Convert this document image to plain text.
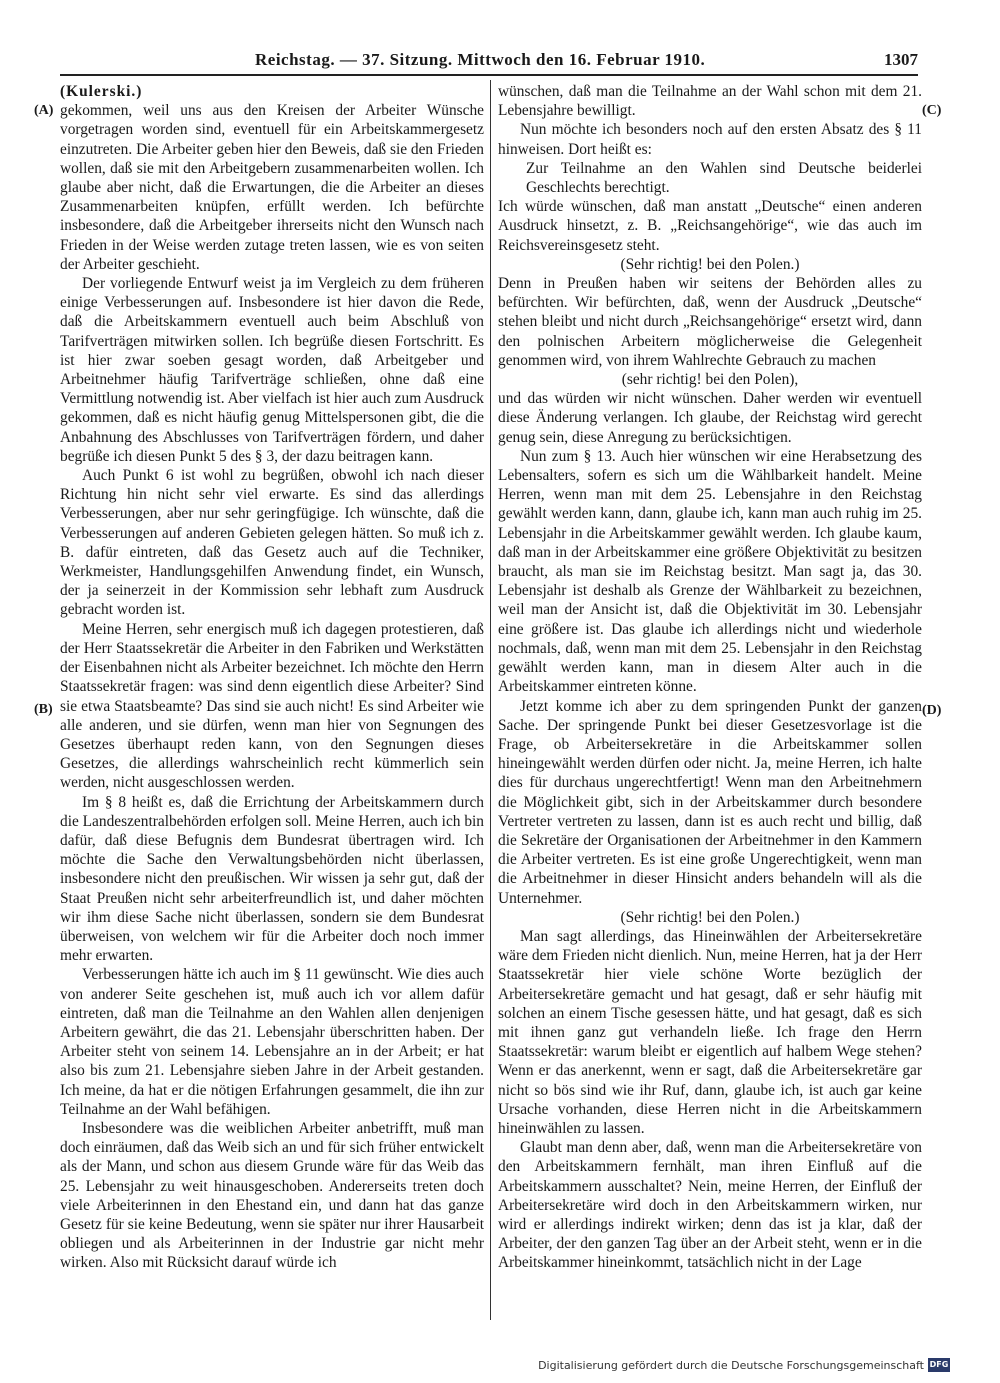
Reichstag. — 37. Sitzung. Mittwoch den 16. Februar 1910.	1307
(A)
(B)
(C)
(D)
(Kulerski.)

gekommen, weil uns aus den Kreisen der Arbeiter Wünsche vorgetragen worden sind, eventuell für ein Arbeitskammergesetz einzutreten. Die Arbeiter geben hier den Beweis, daß sie den Frieden wollen, daß sie mit den Arbeitgebern zusammenarbeiten wollen. Ich glaube aber nicht, daß die Erwartungen, die die Arbeiter an dieses Zusammenarbeiten knüpfen, erfüllt werden. Ich befürchte insbesondere, daß die Arbeitgeber ihrerseits nicht den Wunsch nach Frieden in der Weise werden zutage treten lassen, wie es von seiten der Arbeiter geschieht.

Der vorliegende Entwurf weist ja im Vergleich zu dem früheren einige Verbesserungen auf. Insbesondere ist hier davon die Rede, daß die Arbeitskammern eventuell auch beim Abschluß von Tarifverträgen mitwirken sollen. Ich begrüße diesen Fortschritt. Es ist hier zwar soeben gesagt worden, daß Arbeitgeber und Arbeitnehmer häufig Tarifverträge schließen, ohne daß eine Vermittlung notwendig ist. Aber vielfach ist hier auch zum Ausdruck gekommen, daß es nicht häufig genug Mittelspersonen gibt, die die Anbahnung des Abschlusses von Tarifverträgen fördern, und daher begrüße ich diesen Punkt 5 des § 3, der dazu beitragen kann.

Auch Punkt 6 ist wohl zu begrüßen, obwohl ich nach dieser Richtung hin nicht sehr viel erwarte. Es sind das allerdings Verbesserungen, aber nur sehr geringfügige. Ich wünschte, daß die Verbesserungen auf anderen Gebieten gelegen hätten. So muß ich z. B. dafür eintreten, daß das Gesetz auch auf die Techniker, Werkmeister, Handlungsgehilfen Anwendung findet, ein Wunsch, der ja seinerzeit in der Kommission sehr lebhaft zum Ausdruck gebracht worden ist.

Meine Herren, sehr energisch muß ich dagegen protestieren, daß der Herr Staatssekretär die Arbeiter in den Fabriken und Werkstätten der Eisenbahnen nicht als Arbeiter bezeichnet. Ich möchte den Herrn Staatssekretär fragen: was sind denn eigentlich diese Arbeiter? Sind sie etwa Staatsbeamte? Das sind sie auch nicht! Es sind Arbeiter wie alle anderen, und sie dürfen, wenn man hier von Segnungen des Gesetzes überhaupt reden kann, von den Segnungen dieses Gesetzes, die allerdings wahrscheinlich recht kümmerlich sein werden, nicht ausgeschlossen werden.

Im § 8 heißt es, daß die Errichtung der Arbeitskammern durch die Landeszentralbehörden erfolgen soll. Meine Herren, auch ich bin dafür, daß diese Befugnis dem Bundesrat übertragen wird. Ich möchte die Sache den Verwaltungsbehörden nicht überlassen, insbesondere nicht den preußischen. Wir wissen ja sehr gut, daß der Staat Preußen nicht sehr arbeiterfreundlich ist, und daher möchten wir ihm diese Sache nicht überlassen, sondern sie dem Bundesrat überweisen, von welchem wir für die Arbeiter doch noch immer mehr erwarten.

Verbesserungen hätte ich auch im § 11 gewünscht. Wie dies auch von anderer Seite geschehen ist, muß auch ich vor allem dafür eintreten, daß man die Teilnahme an den Wahlen allen denjenigen Arbeitern gewährt, die das 21. Lebensjahr überschritten haben. Der Arbeiter steht von seinem 14. Lebensjahre an in der Arbeit; er hat also bis zum 21. Lebensjahre sieben Jahre in der Arbeit gestanden. Ich meine, da hat er die nötigen Erfahrungen gesammelt, die ihn zur Teilnahme an der Wahl befähigen.

Insbesondere was die weiblichen Arbeiter anbetrifft, muß man doch einräumen, daß das Weib sich an und für sich früher entwickelt als der Mann, und schon aus diesem Grunde wäre für das Weib das 25. Lebensjahr zu weit hinausgeschoben. Andererseits treten doch viele Arbeiterinnen in den Ehestand ein, und dann hat das ganze Gesetz für sie keine Bedeutung, wenn sie später nur ihrer Hausarbeit obliegen und als Arbeiterinnen in der Industrie gar nicht mehr wirken. Also mit Rücksicht darauf würde ich

wünschen, daß man die Teilnahme an der Wahl schon mit dem 21. Lebensjahre bewilligt.

Nun möchte ich besonders noch auf den ersten Absatz des § 11 hinweisen. Dort heißt es:

Zur Teilnahme an den Wahlen sind Deutsche beiderlei Geschlechts berechtigt.

Ich würde wünschen, daß man anstatt „Deutsche“ einen anderen Ausdruck hinsetzt, z. B. „Reichsangehörige“, wie das auch im Reichsvereinsgesetz steht.

(Sehr richtig! bei den Polen.)

Denn in Preußen haben wir seitens der Behörden alles zu befürchten. Wir befürchten, daß, wenn der Ausdruck „Deutsche“ stehen bleibt und nicht durch „Reichsangehörige“ ersetzt wird, dann den polnischen Arbeitern möglicherweise die Gelegenheit genommen wird, von ihrem Wahlrechte Gebrauch zu machen

(sehr richtig! bei den Polen),

und das würden wir nicht wünschen. Daher werden wir eventuell diese Änderung verlangen. Ich glaube, der Reichstag wird gerecht genug sein, diese Anregung zu berücksichtigen.

Nun zum § 13. Auch hier wünschen wir eine Herabsetzung des Lebensalters, sofern es sich um die Wählbarkeit handelt. Meine Herren, wenn man mit dem 25. Lebensjahre in den Reichstag gewählt werden kann, dann, glaube ich, kann man auch ruhig im 25. Lebensjahr in die Arbeitskammer gewählt werden. Ich glaube kaum, daß man in der Arbeitskammer eine größere Objektivität zu besitzen braucht, als man sie im Reichstag besitzt. Man sagt ja, das 30. Lebensjahr ist deshalb als Grenze der Wählbarkeit zu bezeichnen, weil man der Ansicht ist, daß die Objektivität im 30. Lebensjahr eine größere ist. Das glaube ich allerdings nicht und wiederhole nochmals, daß, wenn man mit dem 25. Lebensjahr in den Reichstag gewählt werden kann, man in diesem Alter auch in die Arbeitskammer eintreten könne.

Jetzt komme ich aber zu dem springenden Punkt der ganzen Sache. Der springende Punkt bei dieser Gesetzesvorlage ist die Frage, ob Arbeitersekretäre in die Arbeitskammer sollen hineingewählt werden dürfen oder nicht. Ja, meine Herren, ich halte dies für durchaus ungerechtfertigt! Wenn man den Arbeitnehmern die Möglichkeit gibt, sich in der Arbeitskammer durch besondere Vertreter vertreten zu lassen, dann ist es auch recht und billig, daß die Sekretäre der Organisationen der Arbeitnehmer in den Kammern die Arbeiter vertreten. Es ist eine große Ungerechtigkeit, wenn man die Arbeitnehmer in dieser Hinsicht anders behandeln will als die Unternehmer.

(Sehr richtig! bei den Polen.)

Man sagt allerdings, das Hineinwählen der Arbeitersekretäre wäre dem Frieden nicht dienlich. Nun, meine Herren, hat ja der Herr Staatssekretär hier viele schöne Worte bezüglich der Arbeitersekretäre gemacht und hat gesagt, daß er sehr häufig mit solchen an einem Tische gesessen hätte, und hat gesagt, daß es sich mit ihnen ganz gut verhandeln ließe. Ich frage den Herrn Staatssekretär: warum bleibt er eigentlich auf halbem Wege stehen? Wenn er das anerkennt, wenn er sagt, daß die Arbeitersekretäre gar nicht so bös sind wie ihr Ruf, dann, glaube ich, ist auch gar keine Ursache vorhanden, diese Herren nicht in die Arbeitskammern hineinwählen zu lassen.

Glaubt man denn aber, daß, wenn man die Arbeitersekretäre von den Arbeitskammern fernhält, man ihren Einfluß auf die Arbeitskammern ausschaltet? Nein, meine Herren, der Einfluß der Arbeitersekretäre wird doch in den Arbeitskammern wirken, nur wird er allerdings indirekt wirken; denn das ist ja klar, daß der Arbeiter, der den ganzen Tag über an der Arbeit steht, wenn er in die Arbeitskammer hineinkommt, tatsächlich nicht in der Lage

Digitalisierung gefördert durch die Deutsche Forschungsgemeinschaft DFG
